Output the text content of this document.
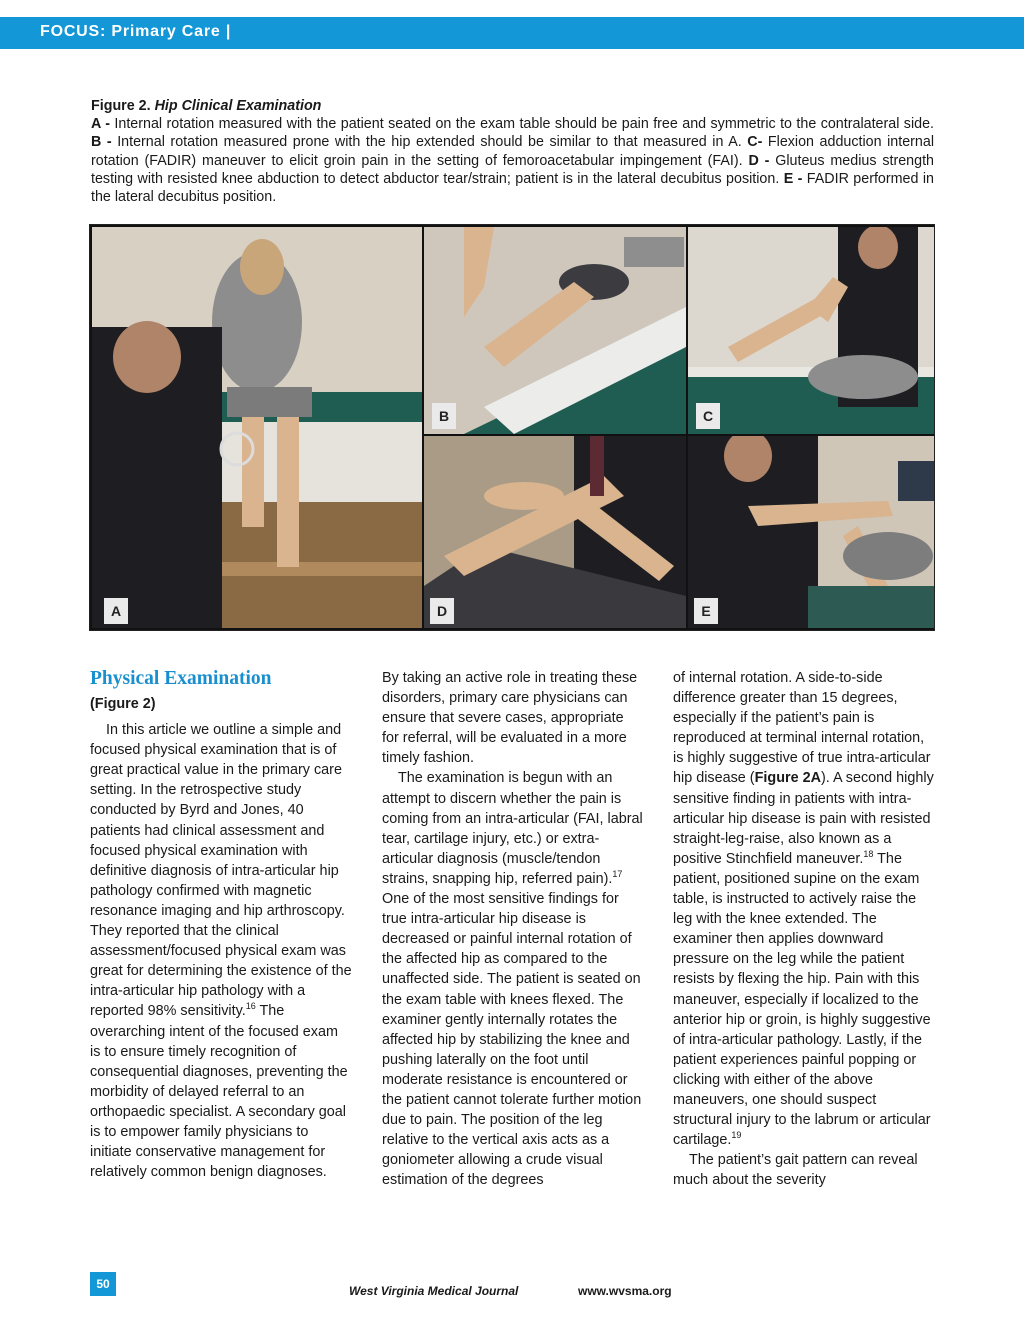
FOCUS: Primary Care |
Figure 2. Hip Clinical Examination
A - Internal rotation measured with the patient seated on the exam table should be pain free and symmetric to the contralateral side. B - Internal rotation measured prone with the hip extended should be similar to that measured in A. C- Flexion adduction internal rotation (FADIR) maneuver to elicit groin pain in the setting of femoroacetabular impingement (FAI). D - Gluteus medius strength testing with resisted knee abduction to detect abductor tear/strain; patient is in the lateral decubitus position. E - FADIR performed in the lateral decubitus position.
A
B	C
D	E
Physical Examination
(Figure 2)

In this article we outline a simple and focused physical examination that is of great practical value in the primary care setting. In the retrospective study conducted by Byrd and Jones, 40 patients had clinical assessment and focused physical examination with definitive diagnosis of intra-articular hip pathology confirmed with magnetic resonance imaging and hip arthroscopy. They reported that the clinical assessment/focused physical exam was great for determining the existence of the intra-articular hip pathology with a reported 98% sensitivity.$^{16}$ The overarching intent of the focused exam is to ensure timely recognition of consequential diagnoses, preventing the morbidity of delayed referral to an orthopaedic specialist. A secondary goal is to empower family physicians to initiate conservative management for relatively common benign diagnoses.

By taking an active role in treating these disorders, primary care physicians can ensure that severe cases, appropriate for referral, will be evaluated in a more timely fashion.

The examination is begun with an attempt to discern whether the pain is coming from an intra-articular (FAI, labral tear, cartilage injury, etc.) or extra-articular diagnosis (muscle/tendon strains, snapping hip, referred pain).$^{17}$ One of the most sensitive findings for true intra-articular hip disease is decreased or painful internal rotation of the affected hip as compared to the unaffected side. The patient is seated on the exam table with knees flexed. The examiner gently internally rotates the affected hip by stabilizing the knee and pushing laterally on the foot until moderate resistance is encountered or the patient cannot tolerate further motion due to pain. The position of the leg relative to the vertical axis acts as a goniometer allowing a crude visual estimation of the degrees

of internal rotation. A side-to-side difference greater than 15 degrees, especially if the patient’s pain is reproduced at terminal internal rotation, is highly suggestive of true intra-articular hip disease (Figure 2A). A second highly sensitive finding in patients with intra-articular hip disease is pain with resisted straight-leg-raise, also known as a positive Stinchfield maneuver.$^{18}$ The patient, positioned supine on the exam table, is instructed to actively raise the leg with the knee extended. The examiner then applies downward pressure on the leg while the patient resists by flexing the hip. Pain with this maneuver, especially if localized to the anterior hip or groin, is highly suggestive of intra-articular pathology. Lastly, if the patient experiences painful popping or clicking with either of the above maneuvers, one should suspect structural injury to the labrum or articular cartilage.$^{19}$

The patient’s gait pattern can reveal much about the severity

50	West Virginia Medical Journal	www.wvsma.org
